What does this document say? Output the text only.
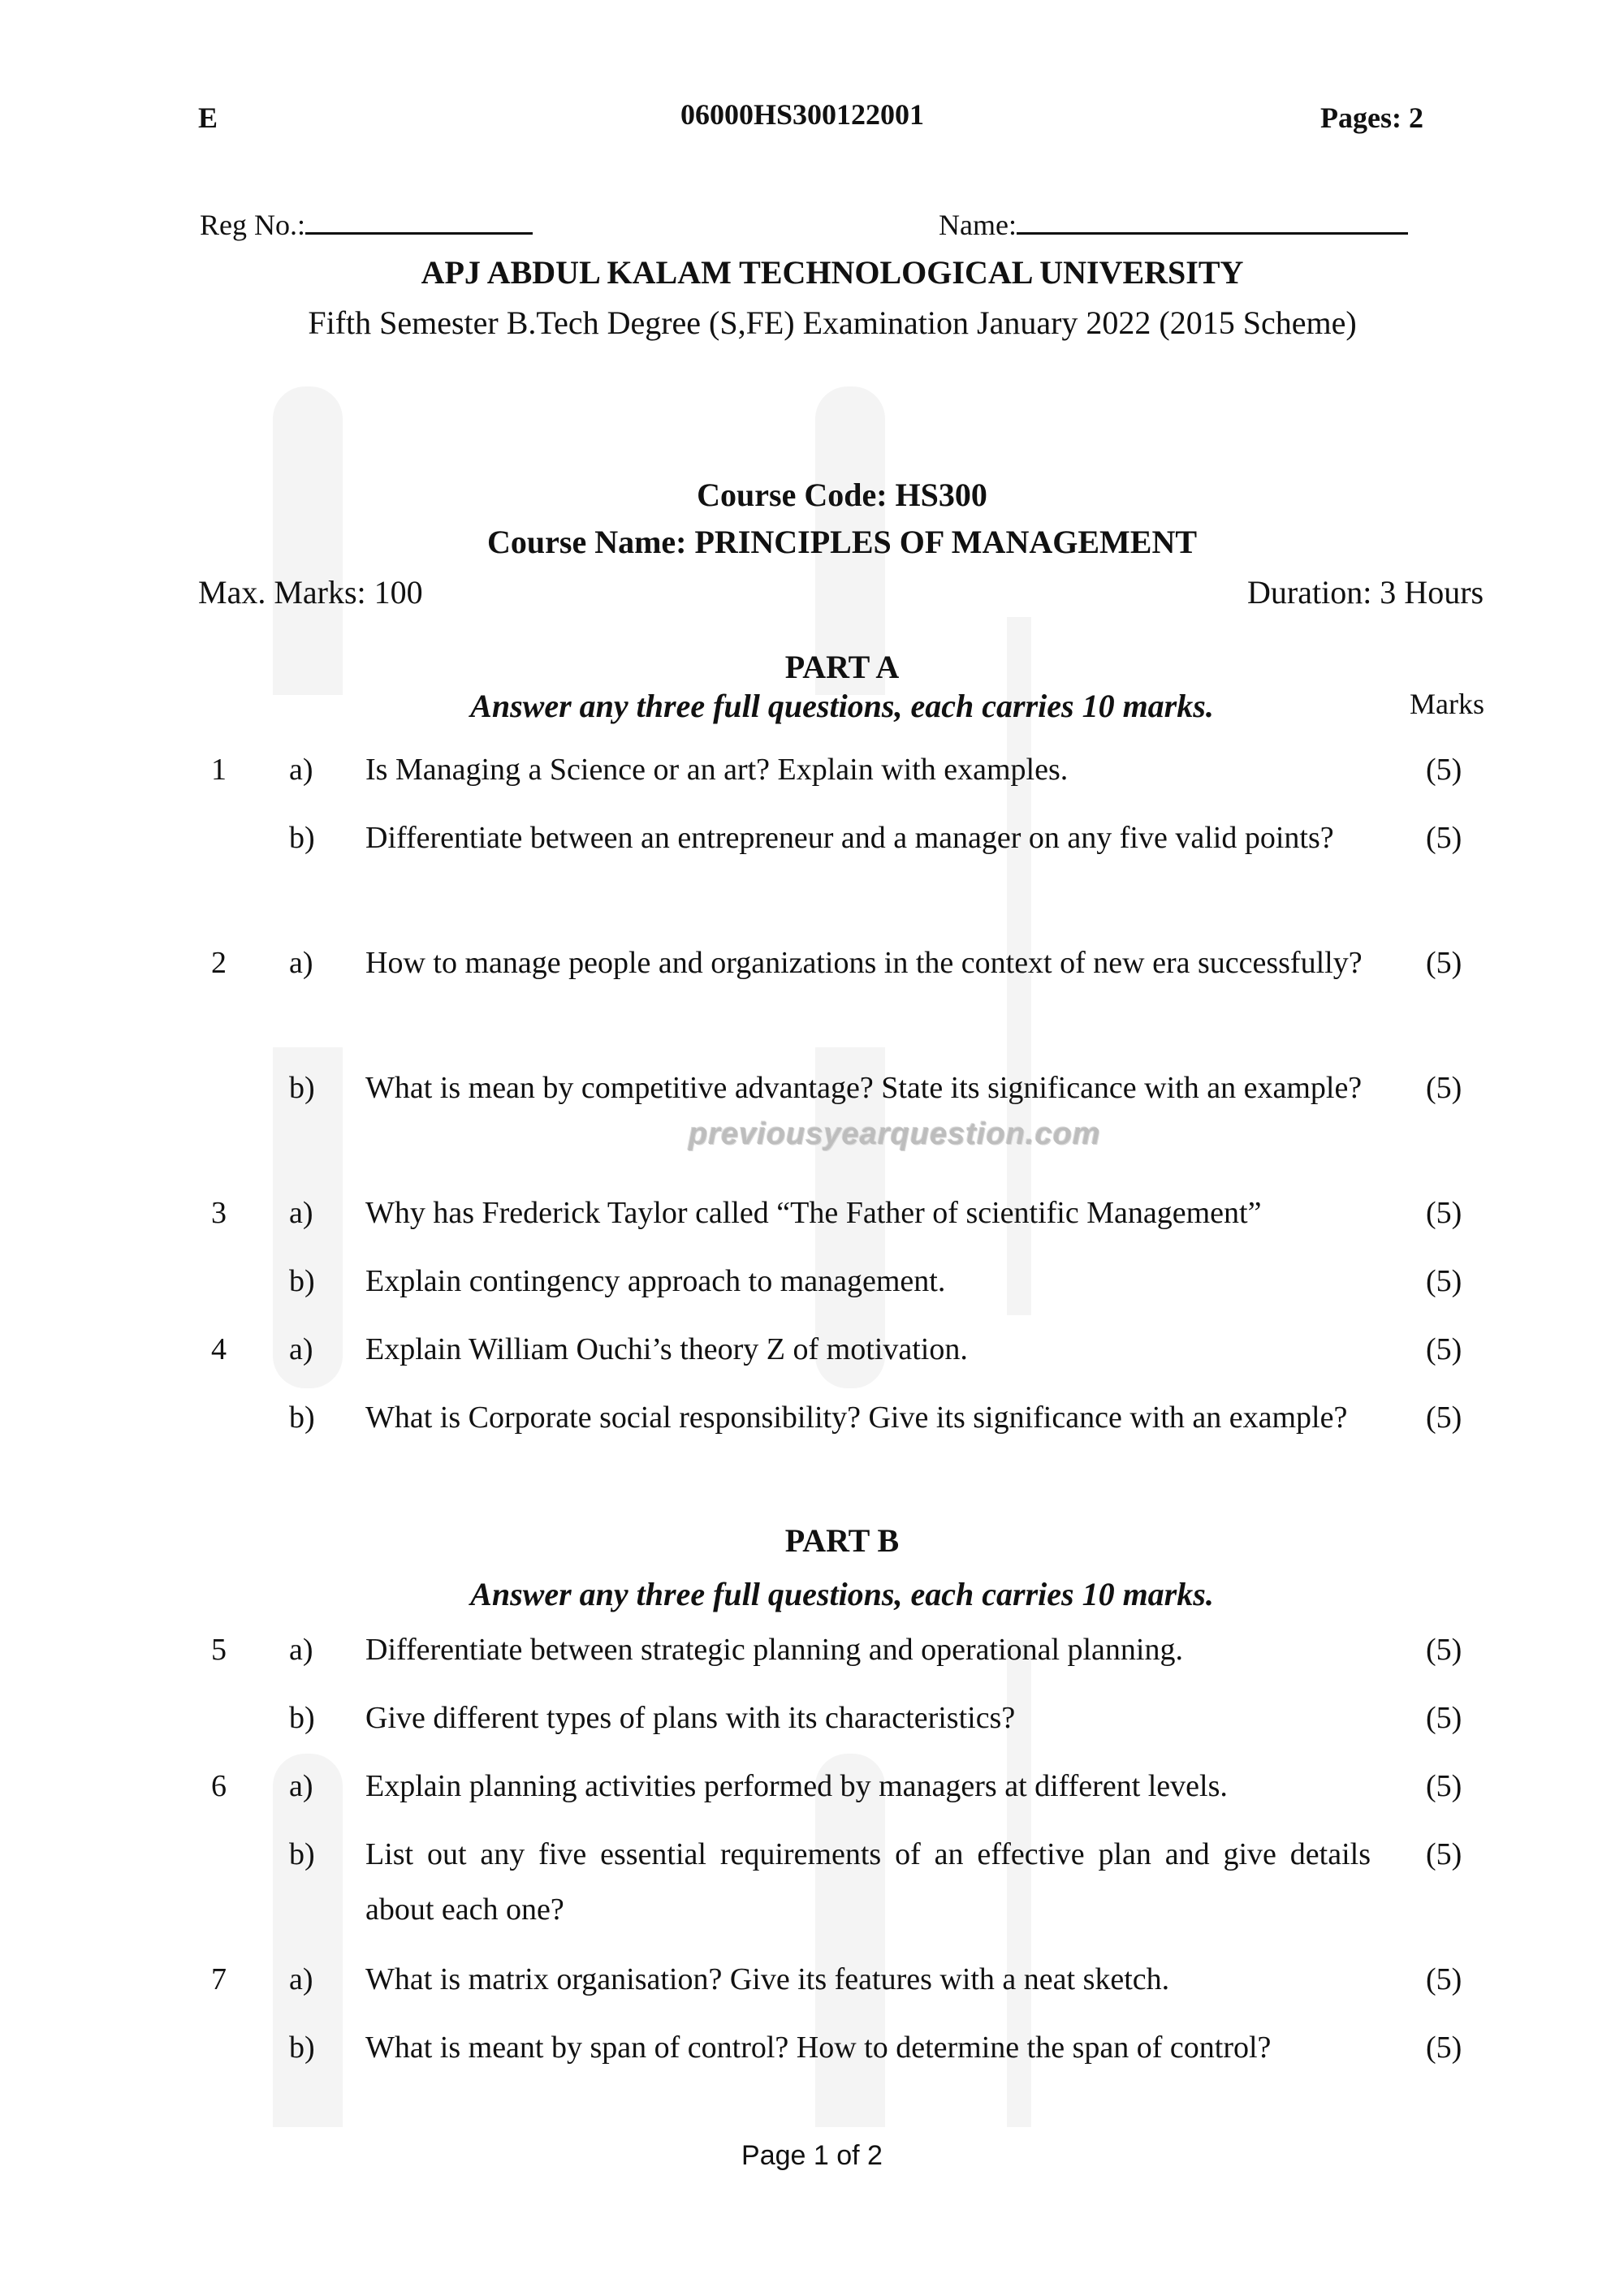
previousyearquestion.com
E	06000HS300122001	Pages: 2
Reg No.:	Name:
APJ ABDUL KALAM TECHNOLOGICAL UNIVERSITY
Fifth Semester B.Tech Degree (S,FE) Examination January 2022 (2015 Scheme)
Course Code: HS300
Course Name: PRINCIPLES OF MANAGEMENT
Max. Marks: 100	Duration: 3 Hours
PART A
Answer any three full questions, each carries 10 marks.	Marks
1 a) Is Managing a Science or an art? Explain with examples.	(5)
b) Differentiate between an entrepreneur and a manager on any five valid points?	(5)
2 a) How to manage people and organizations in the context of new era successfully? (5)
b) What is mean by competitive advantage? State its significance with an example? (5)
3 a) Why has Frederick Taylor called “The Father of scientific Management”	(5)
b) Explain contingency approach to management.	(5)
4 a) Explain William Ouchi’s theory Z of motivation.	(5)
b) What is Corporate social responsibility? Give its significance with an example?	(5)
PART B
Answer any three full questions, each carries 10 marks.
5 a) Differentiate between strategic planning and operational planning.	(5)
b) Give different types of plans with its characteristics?	(5)
6 a) Explain planning activities performed by managers at different levels.	(5)
b) List out any five essential requirements of an effective plan and give details about each one?
(5)
7 a) What is matrix organisation? Give its features with a neat sketch.	(5)
b) What is meant by span of control? How to determine the span of control?	(5)
Page 1 of 2
